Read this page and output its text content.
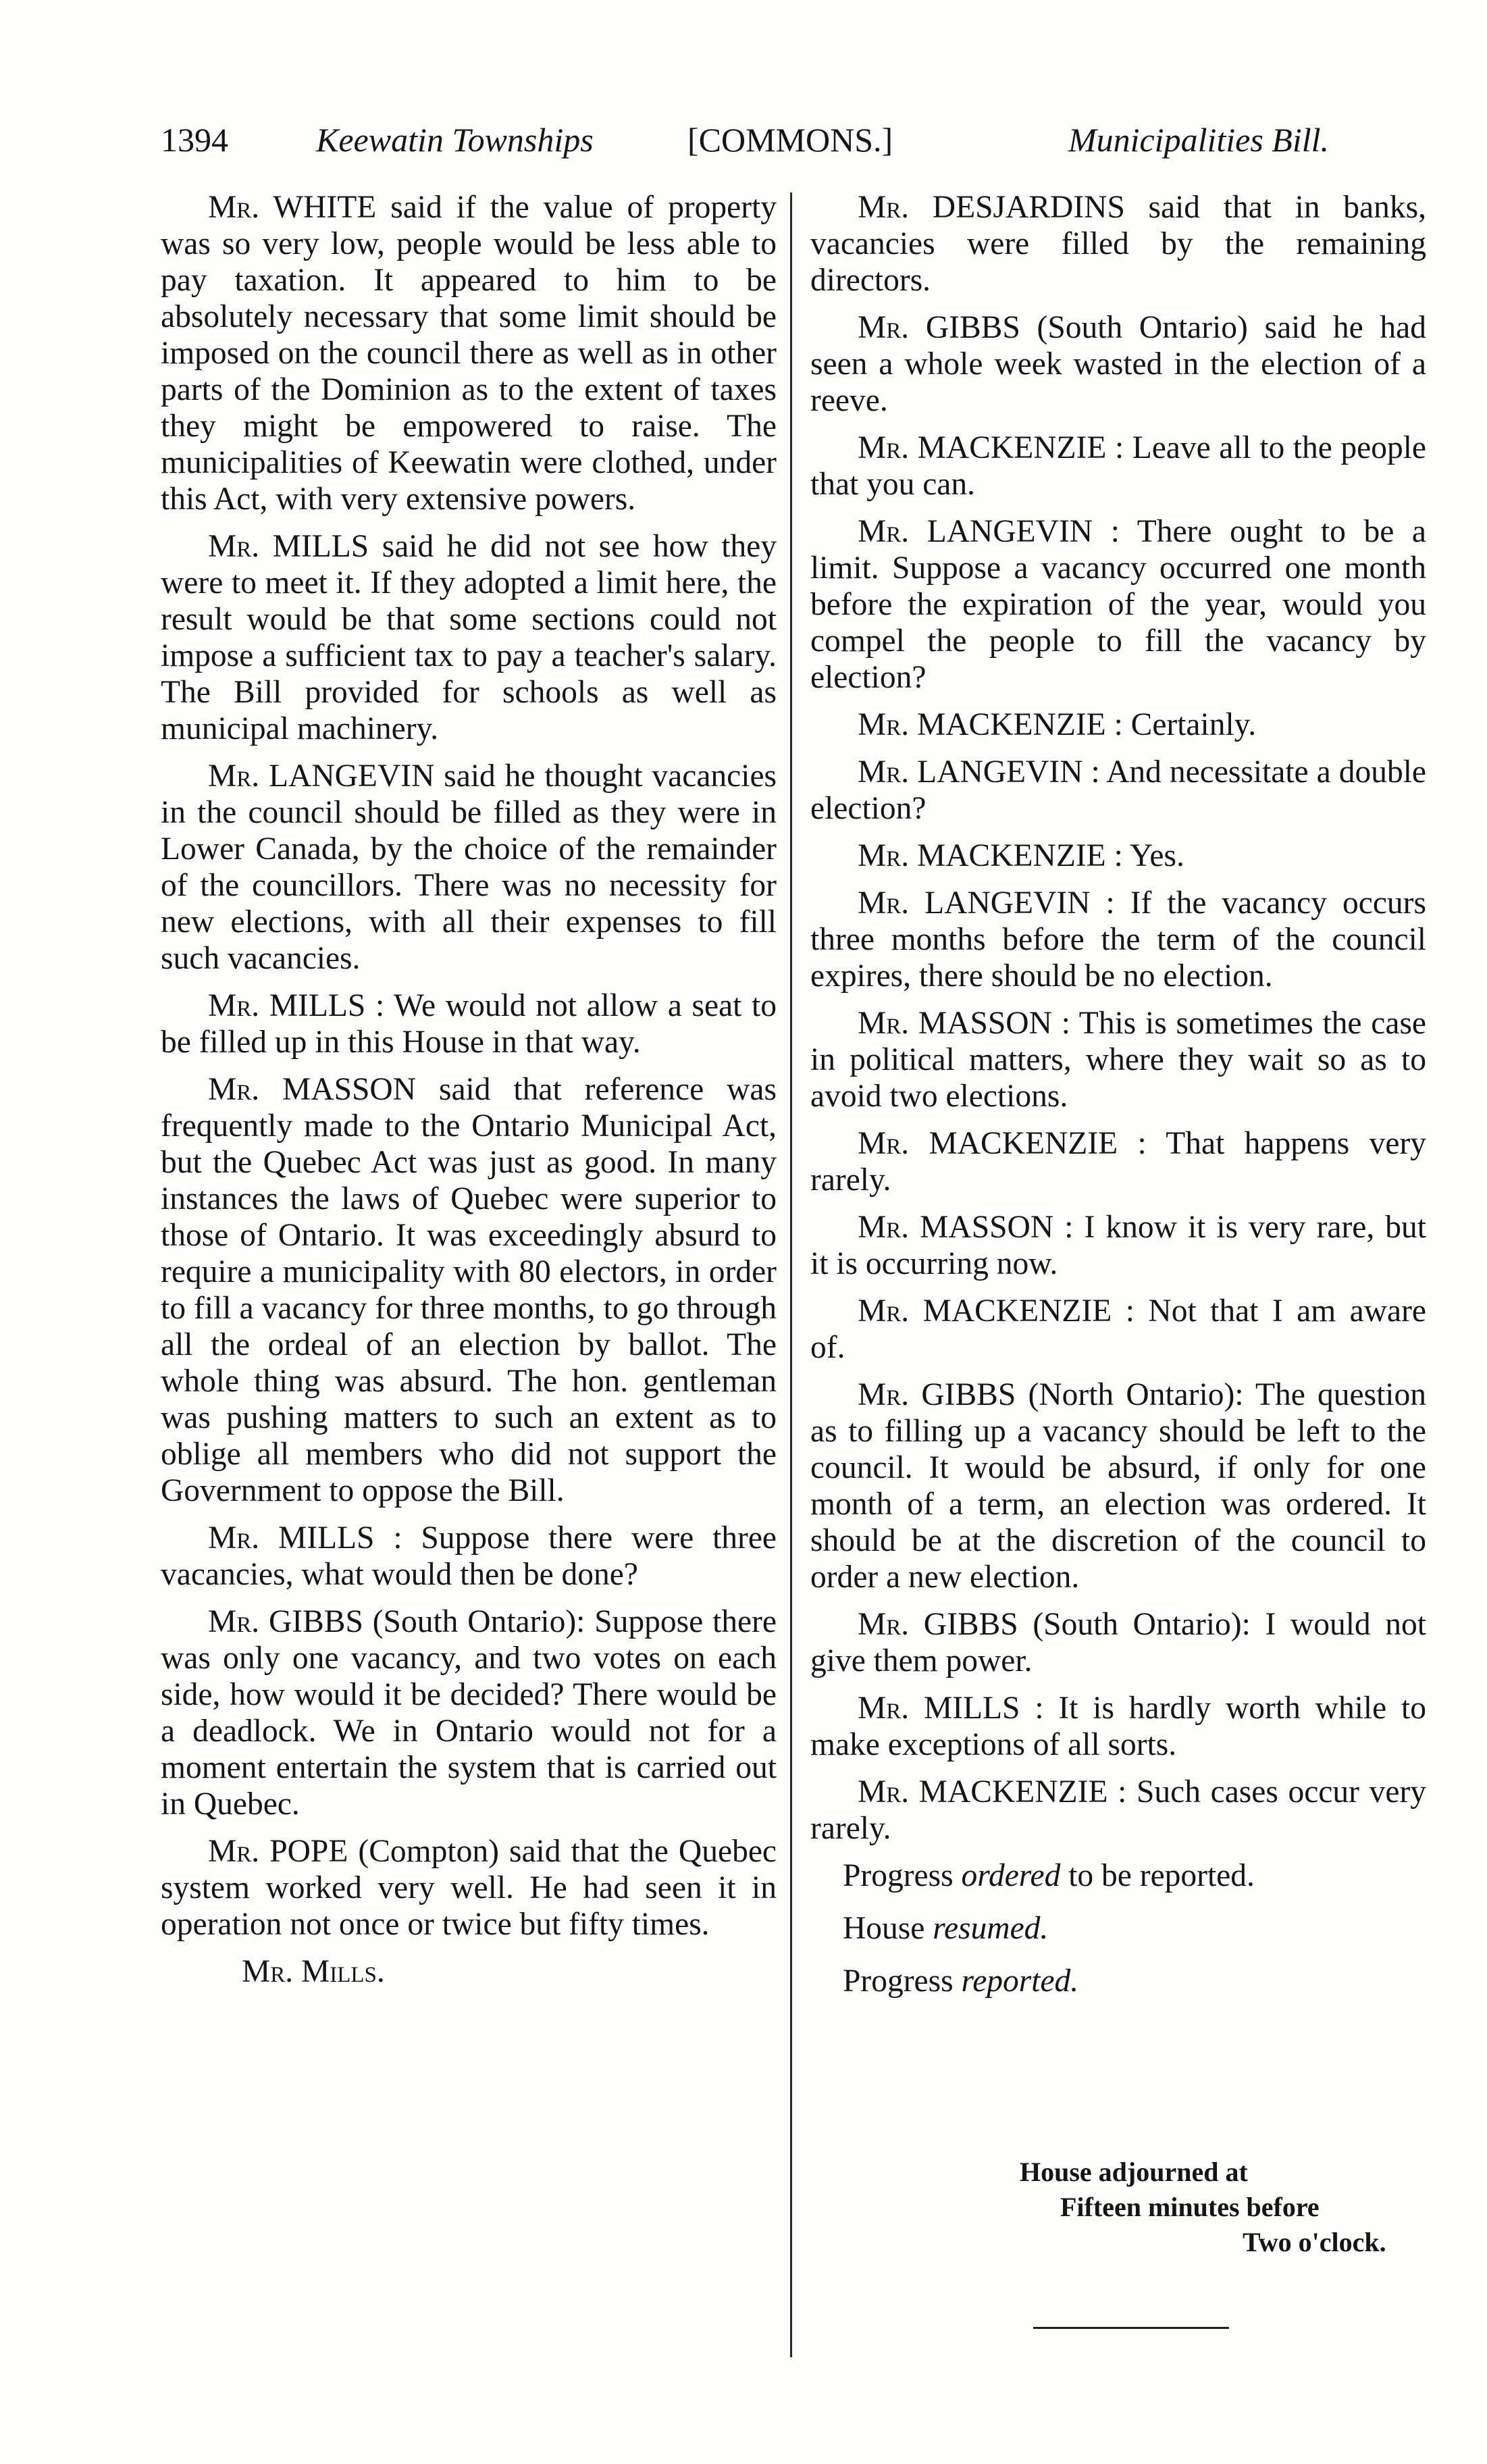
1394	Keewatin Townships	[COMMONS.]	Municipalities Bill.

Mr. WHITE said if the value of property was so very low, people would be less able to pay taxation. It appeared to him to be absolutely necessary that some limit should be imposed on the council there as well as in other parts of the Dominion as to the extent of taxes they might be empowered to raise. The municipalities of Keewatin were clothed, under this Act, with very extensive powers.

Mr. MILLS said he did not see how they were to meet it. If they adopted a limit here, the result would be that some sections could not impose a sufficient tax to pay a teacher's salary. The Bill provided for schools as well as municipal machinery.

Mr. LANGEVIN said he thought vacancies in the council should be filled as they were in Lower Canada, by the choice of the remainder of the councillors. There was no necessity for new elections, with all their expenses to fill such vacancies.

Mr. MILLS : We would not allow a seat to be filled up in this House in that way.

Mr. MASSON said that reference was frequently made to the Ontario Municipal Act, but the Quebec Act was just as good. In many instances the laws of Quebec were superior to those of Ontario. It was exceedingly absurd to require a municipality with 80 electors, in order to fill a vacancy for three months, to go through all the ordeal of an election by ballot. The whole thing was absurd. The hon. gentleman was pushing matters to such an extent as to oblige all members who did not support the Government to oppose the Bill.

Mr. MILLS : Suppose there were three vacancies, what would then be done?

Mr. GIBBS (South Ontario): Suppose there was only one vacancy, and two votes on each side, how would it be decided? There would be a deadlock. We in Ontario would not for a moment entertain the system that is carried out in Quebec.

Mr. POPE (Compton) said that the Quebec system worked very well. He had seen it in operation not once or twice but fifty times.

Mr. Mills.

Mr. DESJARDINS said that in banks, vacancies were filled by the remaining directors.

Mr. GIBBS (South Ontario) said he had seen a whole week wasted in the election of a reeve.

Mr. MACKENZIE : Leave all to the people that you can.

Mr. LANGEVIN : There ought to be a limit. Suppose a vacancy occurred one month before the expiration of the year, would you compel the people to fill the vacancy by election?

Mr. MACKENZIE : Certainly.

Mr. LANGEVIN : And necessitate a double election?

Mr. MACKENZIE : Yes.

Mr. LANGEVIN : If the vacancy occurs three months before the term of the council expires, there should be no election.

Mr. MASSON : This is sometimes the case in political matters, where they wait so as to avoid two elections.

Mr. MACKENZIE : That happens very rarely.

Mr. MASSON : I know it is very rare, but it is occurring now.

Mr. MACKENZIE : Not that I am aware of.

Mr. GIBBS (North Ontario): The question as to filling up a vacancy should be left to the council. It would be absurd, if only for one month of a term, an election was ordered. It should be at the discretion of the council to order a new election.

Mr. GIBBS (South Ontario): I would not give them power.

Mr. MILLS : It is hardly worth while to make exceptions of all sorts.

Mr. MACKENZIE : Such cases occur very rarely.

Progress ordered to be reported.

House resumed.

Progress reported.

House adjourned at
Fifteen minutes before
Two o'clock.
